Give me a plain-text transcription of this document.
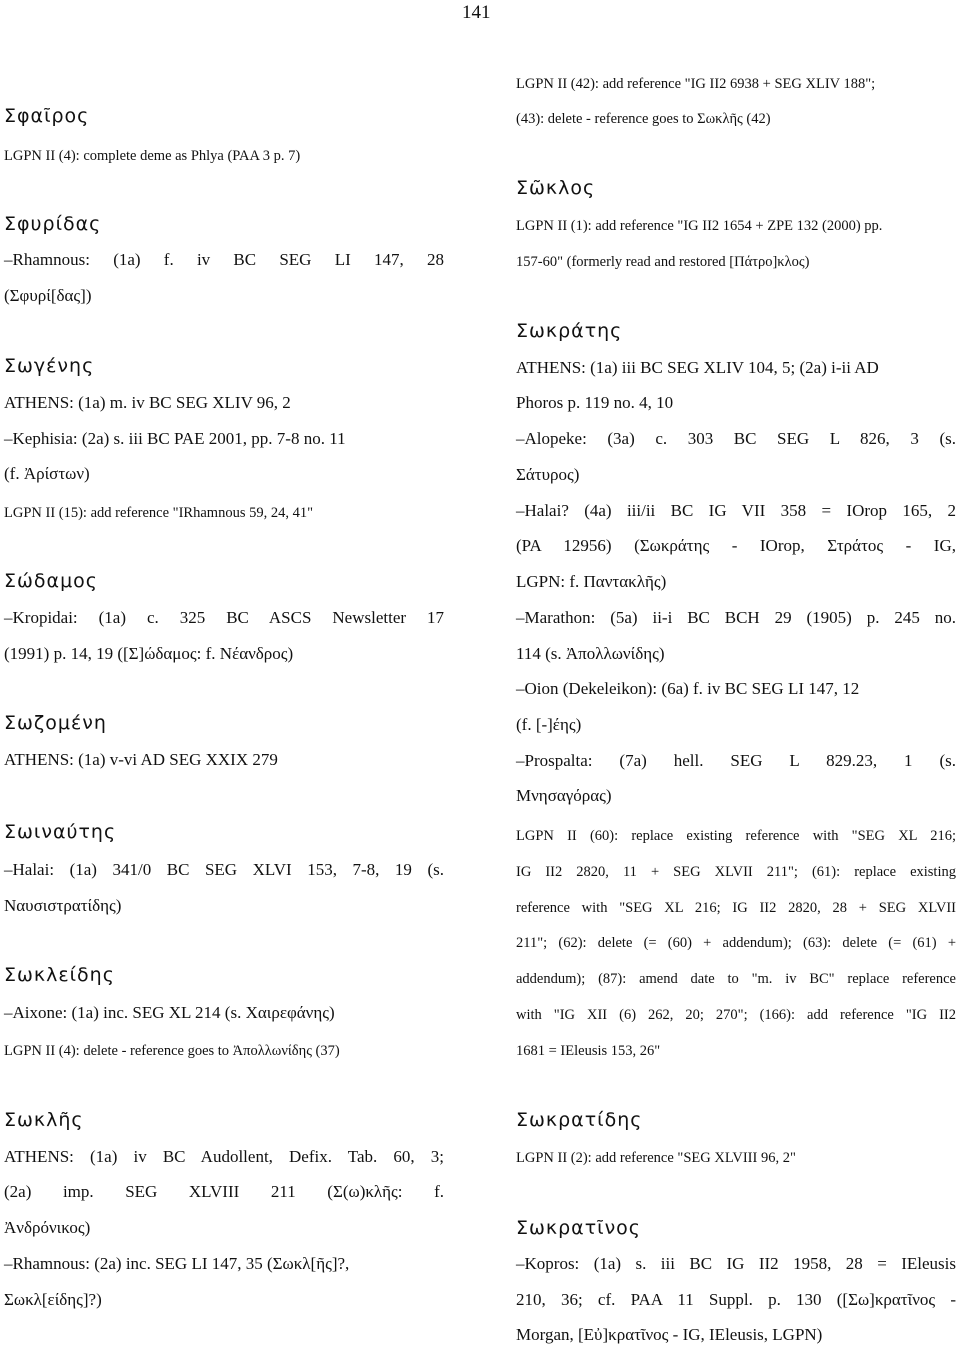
141
Σφαῖρος
LGPN II (4): complete deme as Phlya (PAA 3 p. 7)
Σφυρίδας
–Rhamnous: (1a) f. iv BC SEG LI 147, 28
(Σφυρί[δας])
Σωγένης
ATHENS: (1a) m. iv BC SEG XLIV 96, 2
–Kephisia: (2a) s. iii BC PAE 2001, pp. 7-8 no. 11
(f. Ἀρίστων)
LGPN II (15): add reference "IRhamnous 59, 24, 41"
Σώδαμος
–Kropidai: (1a) c. 325 BC ASCS Newsletter 17
(1991) p. 14, 19 ([Σ]ώδαμος: f. Νέανδρος)
Σωζομένη
ATHENS: (1a) v-vi AD SEG XXIX 279
Σωιναύτης
–Halai: (1a) 341/0 BC SEG XLVI 153, 7-8, 19 (s.
Ναυσιστρατίδης)
Σωκλείδης
–Aixone: (1a) inc. SEG XL 214 (s. Χαιρεφάνης)
LGPN II (4): delete - reference goes to Ἀπολλωνίδης (37)
Σωκλῆς
ATHENS: (1a) iv BC Audollent, Defix. Tab. 60, 3;
(2a) imp. SEG XLVIII 211 (Σ(ω)κλῆς: f.
Ἀνδρόνικος)
–Rhamnous: (2a) inc. SEG LI 147, 35 (Σωκλ[ῆς]?,
Σωκλ[είδης]?)
LGPN II (42): add reference "IG II2 6938 + SEG XLIV 188";
(43): delete - reference goes to Σωκλῆς (42)
Σῶκλος
LGPN II (1): add reference "IG II2 1654 + ZPE 132 (2000) pp.
157-60" (formerly read and restored [Πάτρο]κλος)
Σωκράτης
ATHENS: (1a) iii BC SEG XLIV 104, 5; (2a) i-ii AD
Phoros p. 119 no. 4, 10
–Alopeke: (3a) c. 303 BC SEG L 826, 3 (s.
Σάτυρος)
–Halai? (4a) iii/ii BC IG VII 358 = IOrop 165, 2
(PA 12956) (Σωκράτης - IOrop, Στράτος - IG,
LGPN: f. Παντακλῆς)
–Marathon: (5a) ii-i BC BCH 29 (1905) p. 245 no.
114 (s. Ἀπολλωνίδης)
–Oion (Dekeleikon): (6a) f. iv BC SEG LI 147, 12
(f. [-]έης)
–Prospalta: (7a) hell. SEG L 829.23, 1 (s.
Μνησαγόρας)
LGPN II (60): replace existing reference with "SEG XL 216;
IG II2 2820, 11 + SEG XLVII 211"; (61): replace existing
reference with "SEG XL 216; IG II2 2820, 28 + SEG XLVII
211"; (62): delete (= (60) + addendum); (63): delete (= (61) +
addendum); (87): amend date to "m. iv BC" replace reference
with "IG XII (6) 262, 20; 270"; (166): add reference "IG II2
1681 = IEleusis 153, 26"
Σωκρατίδης
LGPN II (2): add reference "SEG XLVIII 96, 2"
Σωκρατῖνος
–Kopros: (1a) s. iii BC IG II2 1958, 28 = IEleusis
210, 36; cf. PAA 11 Suppl. p. 130 ([Σω]κρατῖνος -
Morgan, [Εὐ]κρατῖνος - IG, IEleusis, LGPN)
